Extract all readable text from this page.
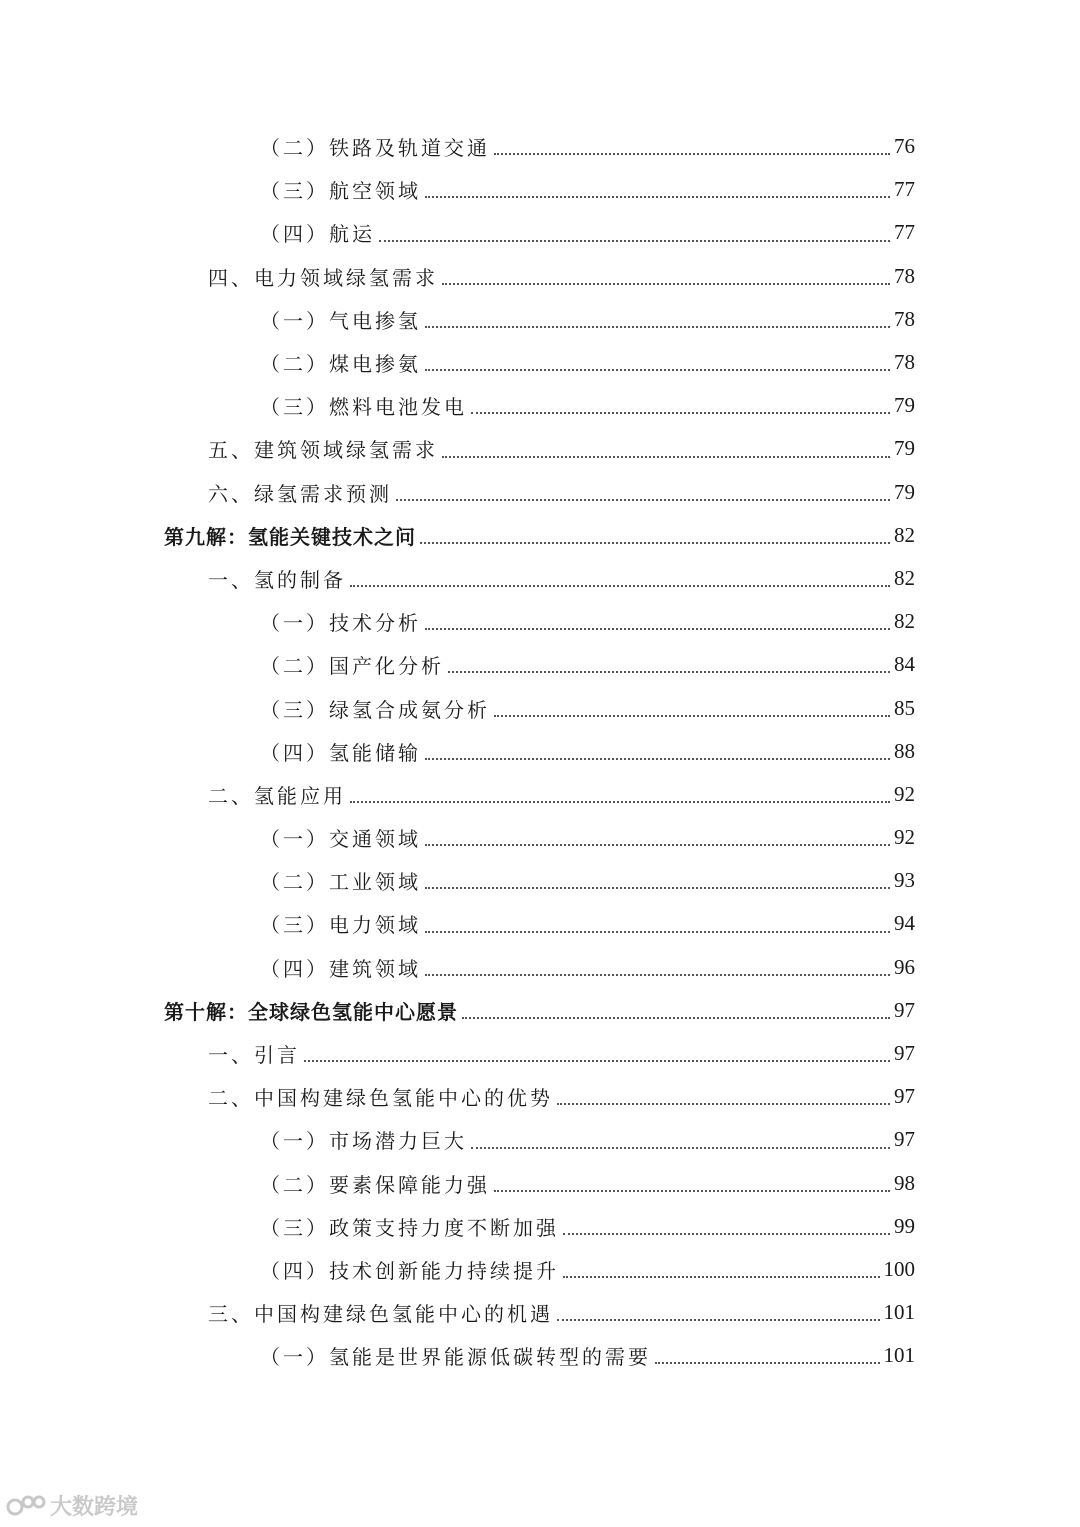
（二）铁路及轨道交通	76
（三）航空领域	77
（四）航运	77
四、电力领域绿氢需求	78
（一）气电掺氢	78
（二）煤电掺氨	78
（三）燃料电池发电	79
五、建筑领域绿氢需求	79
六、绿氢需求预测	79
第九解：氢能关键技术之问	82
一、氢的制备	82
（一）技术分析	82
（二）国产化分析	84
（三）绿氢合成氨分析	85
（四）氢能储输	88
二、氢能应用	92
（一）交通领域	92
（二）工业领域	93
（三）电力领域	94
（四）建筑领域	96
第十解：全球绿色氢能中心愿景	97
一、引言	97
二、中国构建绿色氢能中心的优势	97
（一）市场潜力巨大	97
（二）要素保障能力强	98
（三）政策支持力度不断加强	99
（四）技术创新能力持续提升	100
三、中国构建绿色氢能中心的机遇	101
（一）氢能是世界能源低碳转型的需要	101
大数跨境
